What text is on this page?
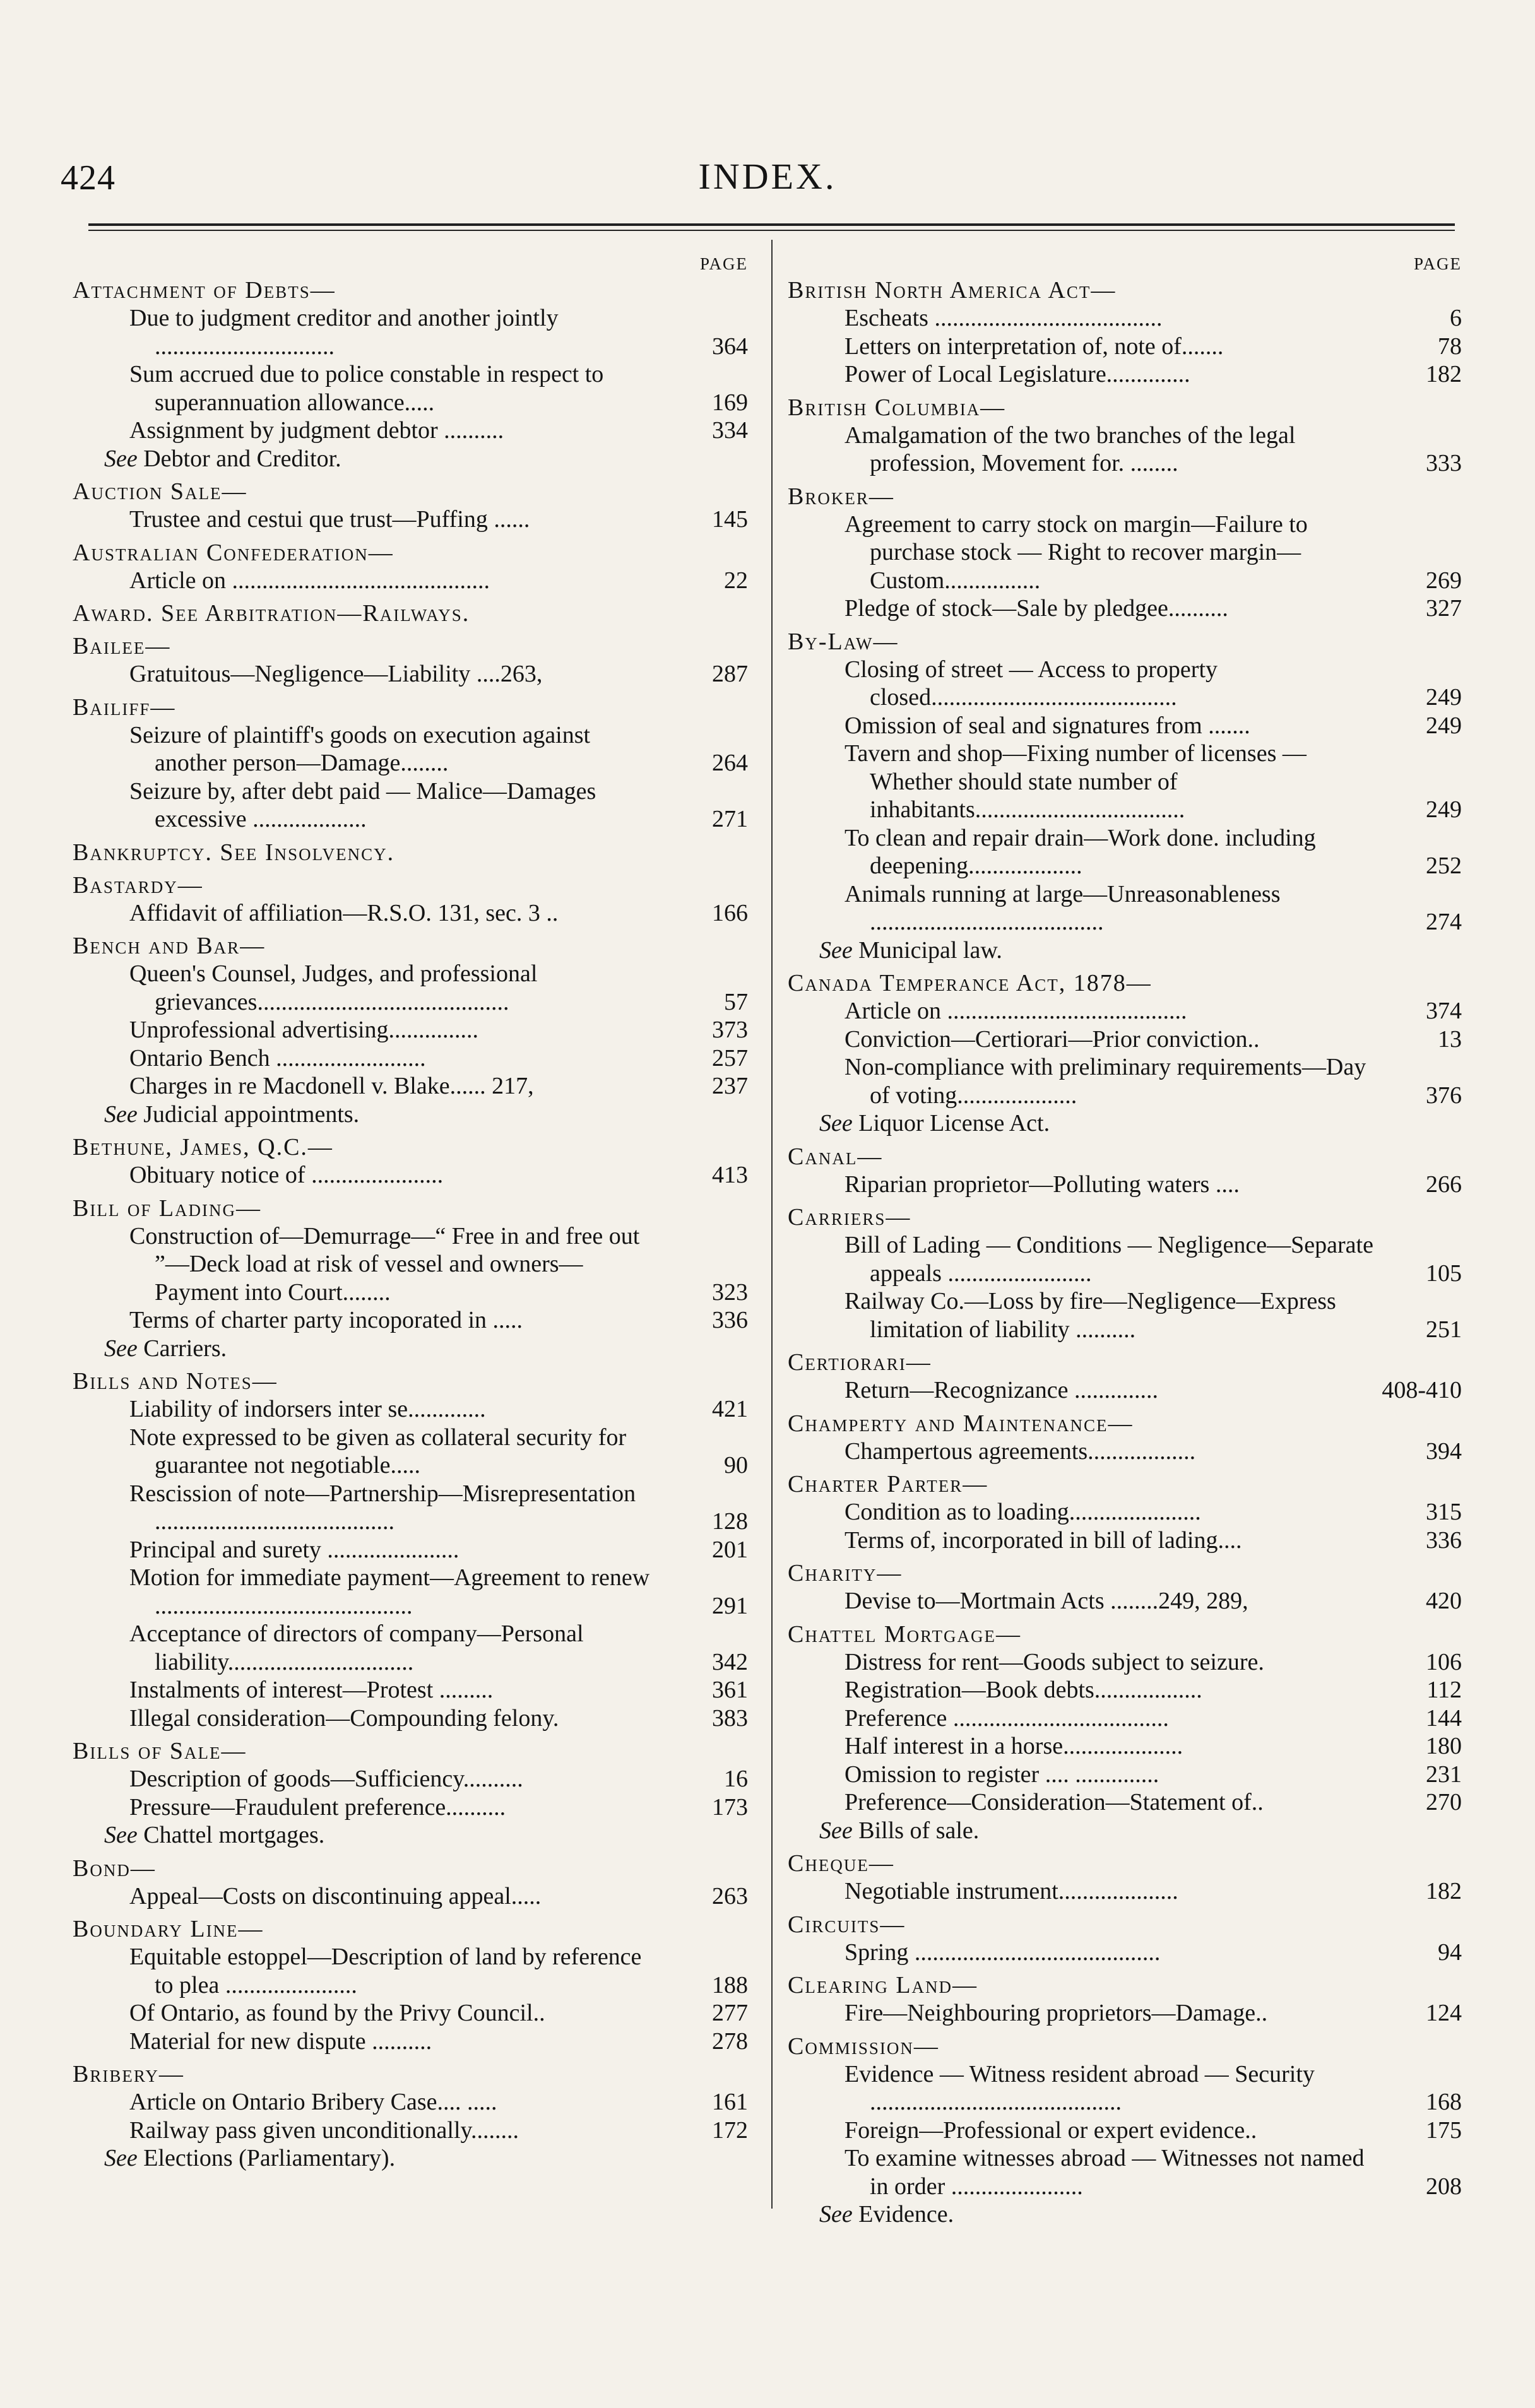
424	INDEX.
PAGE
Attachment of Debts—
Due to judgment creditor and another jointly ..............................	364
Sum accrued due to police constable in respect to superannuation allowance.....	169
Assignment by judgment debtor ..........	334
See Debtor and Creditor.
Auction Sale—
Trustee and cestui que trust—Puffing ......	145
Australian Confederation—
Article on ...........................................	22
Award. See Arbitration—Railways.
Bailee—
Gratuitous—Negligence—Liability ....263,	287
Bailiff—
Seizure of plaintiff's goods on execution against another person—Damage........	264
Seizure by, after debt paid — Malice—Damages excessive ...................	271
Bankruptcy. See Insolvency.
Bastardy—
Affidavit of affiliation—R.S.O. 131, sec. 3 ..	166
Bench and Bar—
Queen's Counsel, Judges, and professional grievances..........................................	57
Unprofessional advertising...............	373
Ontario Bench .........................	257
Charges in re Macdonell v. Blake...... 217,	237
See Judicial appointments.
Bethune, James, Q.C.—
Obituary notice of ......................	413
Bill of Lading—
Construction of—Demurrage—“ Free in and free out ”—Deck load at risk of vessel and owners—Payment into Court........	323
Terms of charter party incoporated in .....	336
See Carriers.
Bills and Notes—
Liability of indorsers inter se.............	421
Note expressed to be given as collateral security for guarantee not negotiable.....	90
Rescission of note—Partnership—Misrepresentation ........................................	128
Principal and surety ......................	201
Motion for immediate payment—Agreement to renew ...........................................	291
Acceptance of directors of company—Personal liability...............................	342
Instalments of interest—Protest .........	361
Illegal consideration—Compounding felony.	383
Bills of Sale—
Description of goods—Sufficiency..........	16
Pressure—Fraudulent preference..........	173
See Chattel mortgages.
Bond—
Appeal—Costs on discontinuing appeal.....	263
Boundary Line—
Equitable estoppel—Description of land by reference to plea ......................	188
Of Ontario, as found by the Privy Council..	277
Material for new dispute ..........	278
Bribery—
Article on Ontario Bribery Case.... .....	161
Railway pass given unconditionally........	172
See Elections (Parliamentary).
PAGE
British North America Act—
Escheats ......................................	6
Letters on interpretation of, note of.......	78
Power of Local Legislature..............	182
British Columbia—
Amalgamation of the two branches of the legal profession, Movement for. ........	333
Broker—
Agreement to carry stock on margin—Failure to purchase stock — Right to recover margin—Custom................	269
Pledge of stock—Sale by pledgee..........	327
By-Law—
Closing of street — Access to property closed.........................................	249
Omission of seal and signatures from .......	249
Tavern and shop—Fixing number of licenses —Whether should state number of inhabitants...................................	249
To clean and repair drain—Work done. including deepening...................	252
Animals running at large—Unreasonableness .......................................	274
See Municipal law.
Canada Temperance Act, 1878—
Article on ........................................	374
Conviction—Certiorari—Prior conviction..	13
Non-compliance with preliminary requirements—Day of voting....................	376
See Liquor License Act.
Canal—
Riparian proprietor—Polluting waters ....	266
Carriers—
Bill of Lading — Conditions — Negligence—Separate appeals ........................	105
Railway Co.—Loss by fire—Negligence—Express limitation of liability ..........	251
Certiorari—
Return—Recognizance ..............	408-410
Champerty and Maintenance—
Champertous agreements..................	394
Charter Parter—
Condition as to loading......................	315
Terms of, incorporated in bill of lading....	336
Charity—
Devise to—Mortmain Acts ........249, 289,	420
Chattel Mortgage—
Distress for rent—Goods subject to seizure.	106
Registration—Book debts..................	112
Preference ....................................	144
Half interest in a horse....................	180
Omission to register .... ..............	231
Preference—Consideration—Statement of..	270
See Bills of sale.
Cheque—
Negotiable instrument....................	182
Circuits—
Spring .........................................	94
Clearing Land—
Fire—Neighbouring proprietors—Damage..	124
Commission—
Evidence — Witness resident abroad — Security ..........................................	168
Foreign—Professional or expert evidence..	175
To examine witnesses abroad — Witnesses not named in order ......................	208
See Evidence.
